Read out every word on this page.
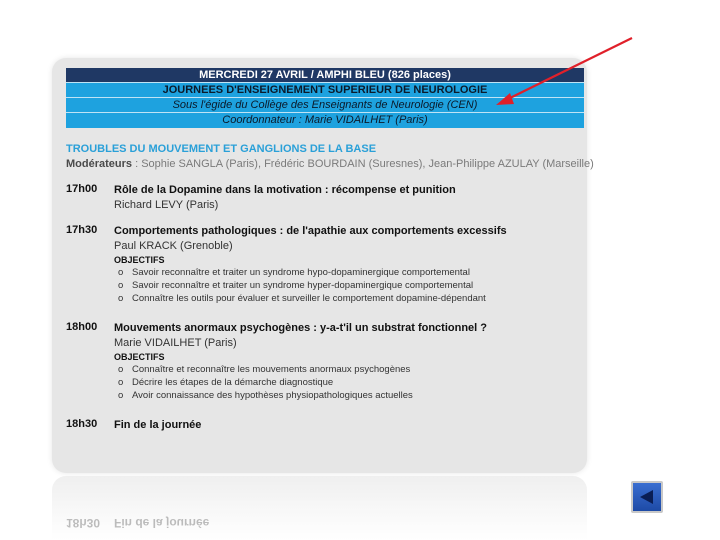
MERCREDI 27 AVRIL / AMPHI BLEU (826 places)
JOURNEES D'ENSEIGNEMENT SUPERIEUR DE NEUROLOGIE
Sous l'égide du Collège des Enseignants de Neurologie (CEN)
Coordonnateur : Marie VIDAILHET (Paris)
TROUBLES DU MOUVEMENT ET GANGLIONS DE LA BASE
Modérateurs : Sophie SANGLA (Paris), Frédéric BOURDAIN (Suresnes), Jean-Philippe AZULAY (Marseille)
17h00 Rôle de la Dopamine dans la motivation : récompense et punition
Richard LEVY (Paris)
17h30 Comportements pathologiques : de l'apathie aux comportements excessifs
Paul KRACK (Grenoble)
OBJECTIFS
o Savoir reconnaître et traiter un syndrome hypo-dopaminergique comportemental
o Savoir reconnaître et traiter un syndrome hyper-dopaminergique comportemental
o Connaître les outils pour évaluer et surveiller le comportement dopamine-dépendant
18h00 Mouvements anormaux psychogènes : y-a-t'il un substrat fonctionnel ?
Marie VIDAILHET (Paris)
OBJECTIFS
o Connaître et reconnaître les mouvements anormaux psychogènes
o Décrire les étapes de la démarche diagnostique
o Avoir connaissance des hypothèses physiopathologiques actuelles
18h30 Fin de la journée
18h30 Fin de la journée
